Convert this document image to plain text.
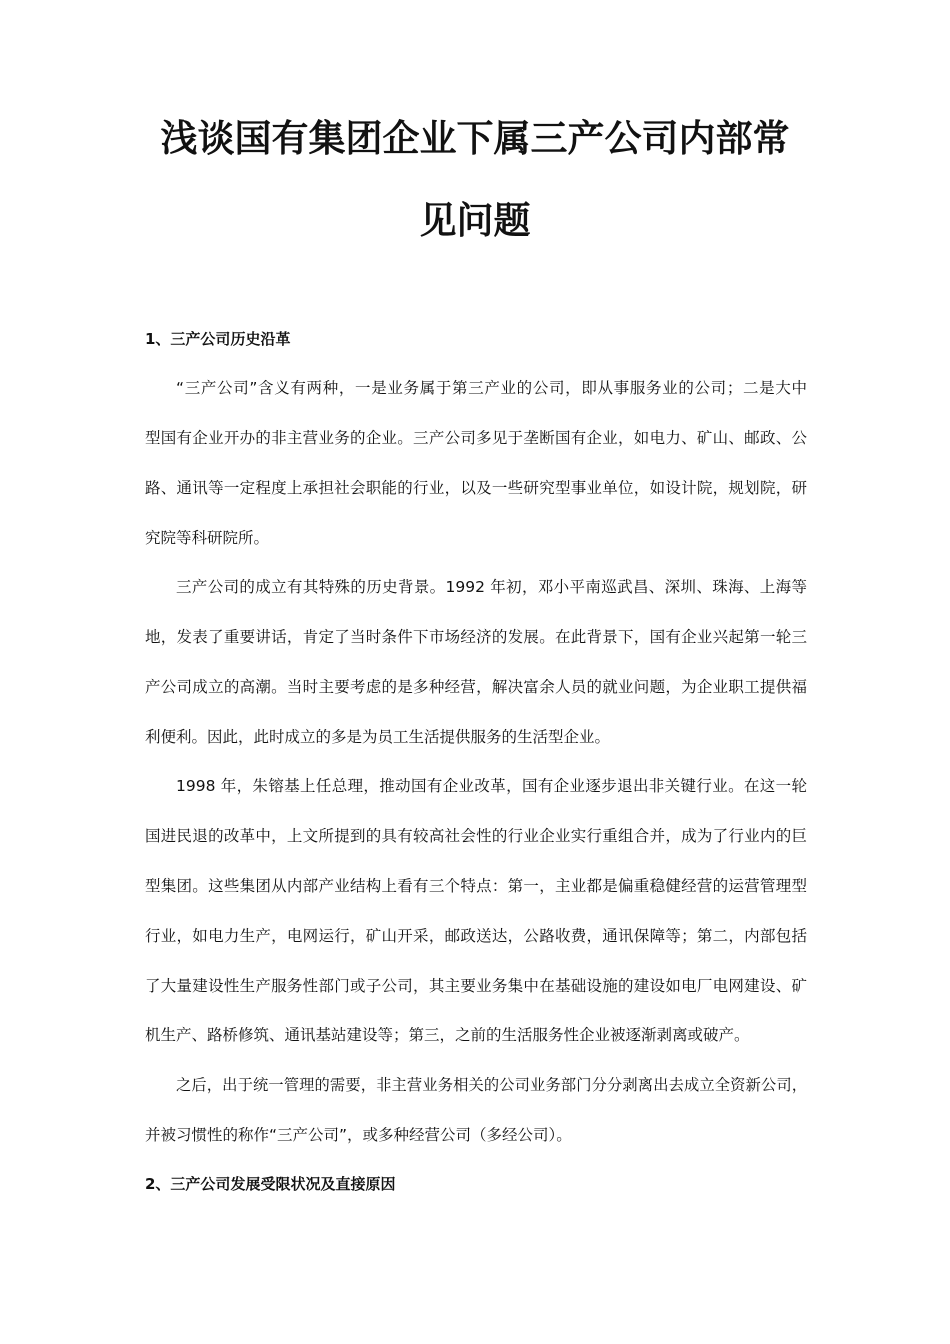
浅谈国有集团企业下属三产公司内部常
见问题
1、三产公司历史沿革

“三产公司”含义有两种，一是业务属于第三产业的公司，即从事服务业的公司；二是大中

型国有企业开办的非主营业务的企业。三产公司多见于垄断国有企业，如电力、矿山、邮政、公

路、通讯等一定程度上承担社会职能的行业，以及一些研究型事业单位，如设计院，规划院，研

究院等科研院所。

三产公司的成立有其特殊的历史背景。1992 年初，邓小平南巡武昌、深圳、珠海、上海等

地，发表了重要讲话，肯定了当时条件下市场经济的发展。在此背景下，国有企业兴起第一轮三

产公司成立的高潮。当时主要考虑的是多种经营，解决富余人员的就业问题，为企业职工提供福

利便利。因此，此时成立的多是为员工生活提供服务的生活型企业。

1998 年，朱镕基上任总理，推动国有企业改革，国有企业逐步退出非关键行业。在这一轮

国进民退的改革中，上文所提到的具有较高社会性的行业企业实行重组合并，成为了行业内的巨

型集团。这些集团从内部产业结构上看有三个特点：第一，主业都是偏重稳健经营的运营管理型

行业，如电力生产，电网运行，矿山开采，邮政送达，公路收费，通讯保障等；第二，内部包括

了大量建设性生产服务性部门或子公司，其主要业务集中在基础设施的建设如电厂电网建设、矿

机生产、路桥修筑、通讯基站建设等；第三，之前的生活服务性企业被逐渐剥离或破产。

之后，出于统一管理的需要，非主营业务相关的公司业务部门分分剥离出去成立全资新公司，

并被习惯性的称作“三产公司”，或多种经营公司（多经公司）。

2、三产公司发展受限状况及直接原因
